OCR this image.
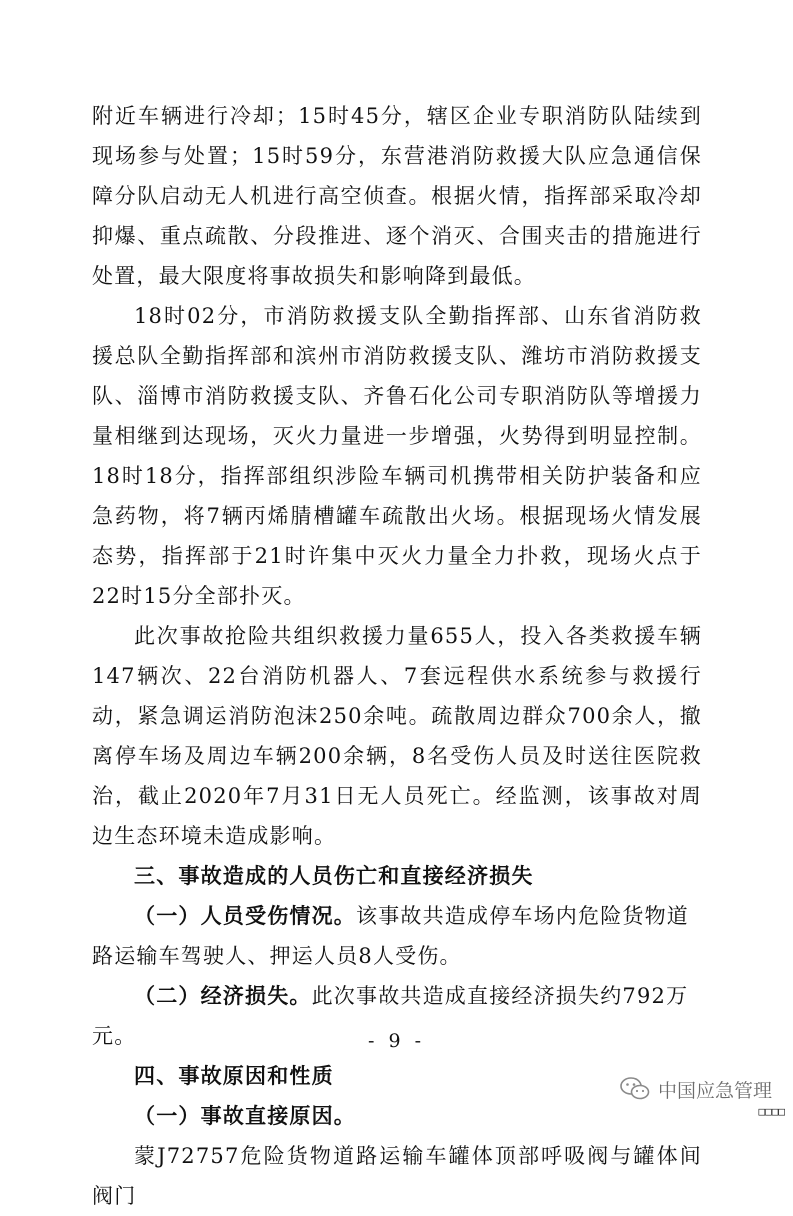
附近车辆进行冷却；15时45分，辖区企业专职消防队陆续到现场参与处置；15时59分，东营港消防救援大队应急通信保障分队启动无人机进行高空侦查。根据火情，指挥部采取冷却抑爆、重点疏散、分段推进、逐个消灭、合围夹击的措施进行处置，最大限度将事故损失和影响降到最低。

18时02分，市消防救援支队全勤指挥部、山东省消防救援总队全勤指挥部和滨州市消防救援支队、潍坊市消防救援支队、淄博市消防救援支队、齐鲁石化公司专职消防队等增援力量相继到达现场，灭火力量进一步增强，火势得到明显控制。18时18分，指挥部组织涉险车辆司机携带相关防护装备和应急药物，将7辆丙烯腈槽罐车疏散出火场。根据现场火情发展态势，指挥部于21时许集中灭火力量全力扑救，现场火点于22时15分全部扑灭。

此次事故抢险共组织救援力量655人，投入各类救援车辆147辆次、22台消防机器人、7套远程供水系统参与救援行动，紧急调运消防泡沫250余吨。疏散周边群众700余人，撤离停车场及周边车辆200余辆，8名受伤人员及时送往医院救治，截止2020年7月31日无人员死亡。经监测，该事故对周边生态环境未造成影响。

三、事故造成的人员伤亡和直接经济损失

（一）人员受伤情况。该事故共造成停车场内危险货物道路运输车驾驶人、押运人员8人受伤。

（二）经济损失。此次事故共造成直接经济损失约792万元。

四、事故原因和性质

（一）事故直接原因。

蒙J72757危险货物道路运输车罐体顶部呼吸阀与罐体间阀门

- 9 -
中国应急管理
□□□□
